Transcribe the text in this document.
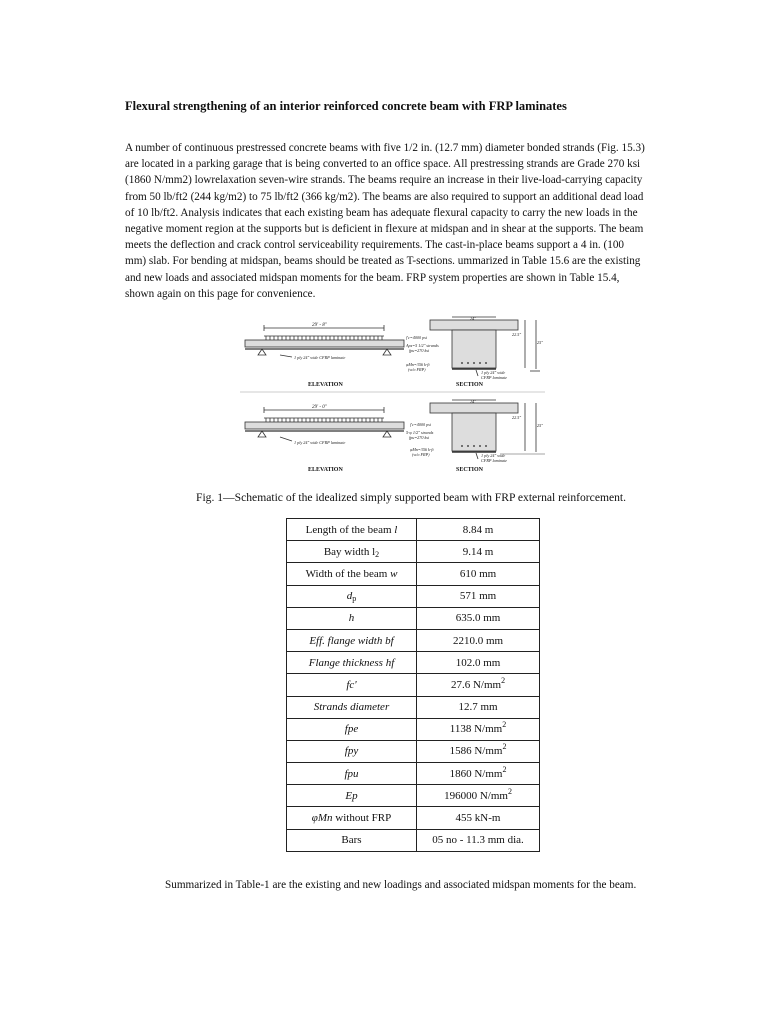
Flexural strengthening of an interior reinforced concrete beam with FRP laminates

A number of continuous prestressed concrete beams with five 1/2 in. (12.7 mm) diameter bonded strands (Fig. 15.3) are located in a parking garage that is being converted to an office space. All prestressing strands are Grade 270 ksi (1860 N/mm2) lowrelaxation seven-wire strands. The beams require an increase in their live-load-carrying capacity from 50 lb/ft2 (244 kg/m2) to 75 lb/ft2 (366 kg/m2). The beams are also required to support an additional dead load of 10 lb/ft2. Analysis indicates that each existing beam has adequate flexural capacity to carry the new loads in the negative moment region at the supports but is deficient in flexure at midspan and in shear at the supports. The beam meets the deflection and crack control serviceability requirements. The cast-in-place beams support a 4 in. (100 mm) slab. For bending at midspan, beams should be treated as T-sections. ummarized in Table 15.6 are the existing and new loads and associated midspan moments for the beam. FRP system properties are shown in Table 15.4, shown again on this page for convenience.

29' - 8"
1 ply 24" wide CFRP laminate
f'c=4000 psi
Aps=5 1/2" strands
fpu=270 ksi
φMn=356 k-ft
(w/o FRP)
24"
22.5"
25"
1 ply 24" wide
CFRP laminate
29' - 0"
1 ply 24" wide CFRP laminate
f'c=4000 psi
5-φ 1/2" strands
fpu=270 ksi
φMn=356 k-ft
(w/o FRP)
24"
22.5"
25"
1 ply 24" wide
CFRP laminate
ELEVATION	SECTION
ELEVATION	SECTION

Fig. 1—Schematic of the idealized simply supported beam with FRP external reinforcement.

Length of the beam l	8.84 m
Bay width $l_2$	9.14 m
Width of the beam w	610 mm
$d_p$	571 mm
h	635.0 mm
Eff. flange width bf	2210.0 mm
Flange thickness hf	102.0 mm
fc'	27.6 $N/mm^2$
Strands diameter	12.7 mm
fpe	1138 $N/mm^2$
fpy	1586 $N/mm^2$
fpu	1860 $N/mm^2$
Ep	196000 $N/mm^2$
φMn without FRP	455 kN-m
Bars	05 no - 11.3 mm dia.

Summarized in Table-1 are the existing and new loadings and associated midspan moments for the beam.
